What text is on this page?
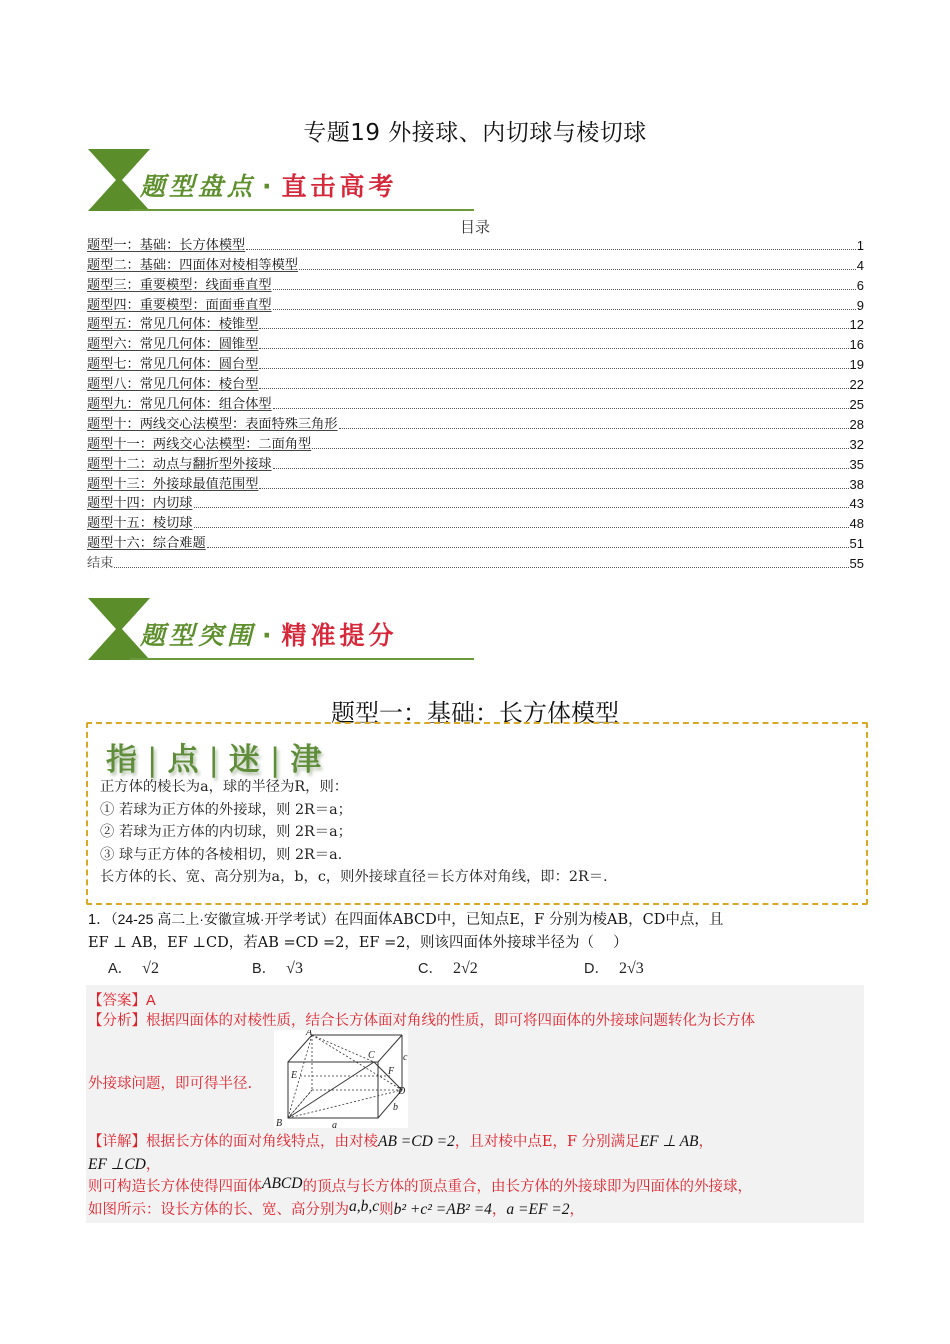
专题19 外接球、内切球与棱切球
题型盘点 · 直击高考
目录
题型一：基础：长方体模型	1
题型二：基础：四面体对棱相等模型	4
题型三：重要模型：线面垂直型	6
题型四：重要模型：面面垂直型	9
题型五：常见几何体：棱锥型	12
题型六：常见几何体：圆锥型	16
题型七：常见几何体：圆台型	19
题型八：常见几何体：棱台型	22
题型九：常见几何体：组合体型	25
题型十：两线交心法模型：表面特殊三角形	28
题型十一：两线交心法模型：二面角型	32
题型十二：动点与翻折型外接球	35
题型十三：外接球最值范围型	38
题型十四：内切球	43
题型十五：棱切球	48
题型十六：综合难题	51
结束	55
题型突围 · 精准提分
题型一：基础：长方体模型
指 | 点 | 迷 | 津
正方体的棱长为a，球的半径为R，则：
① 若球为正方体的外接球，则 2R＝a；
② 若球为正方体的内切球，则 2R＝a；
③ 球与正方体的各棱相切，则 2R＝a.
长方体的长、宽、高分别为a，b，c，则外接球直径＝长方体对角线，即：2R＝.
1．（24-25 高二上·安徽宣城·开学考试）在四面体ABCD中，已知点E，F 分别为棱AB，CD中点，且
EF ⊥ AB，EF ⊥CD，若AB =CD =2，EF =2，则该四面体外接球半径为（　 ）
A． √2	B． √3	C． 2√2	D． 2√3
【答案】A
【分析】根据四面体的对棱性质，结合长方体面对角线的性质，即可将四面体的外接球问题转化为长方体
外接球问题，即可得半径.
A
B
C
D
E	F
a
b
c
【详解】根据长方体的面对角线特点，由对棱AB =CD =2，且对棱中点E，F 分别满足EF ⊥ AB，
EF ⊥CD，
则可构造长方体使得四面体ABCD的顶点与长方体的顶点重合，由长方体的外接球即为四面体的外接球，
如图所示：设长方体的长、宽、高分别为a,b,c则b² +c² =AB² =4，a =EF =2，
